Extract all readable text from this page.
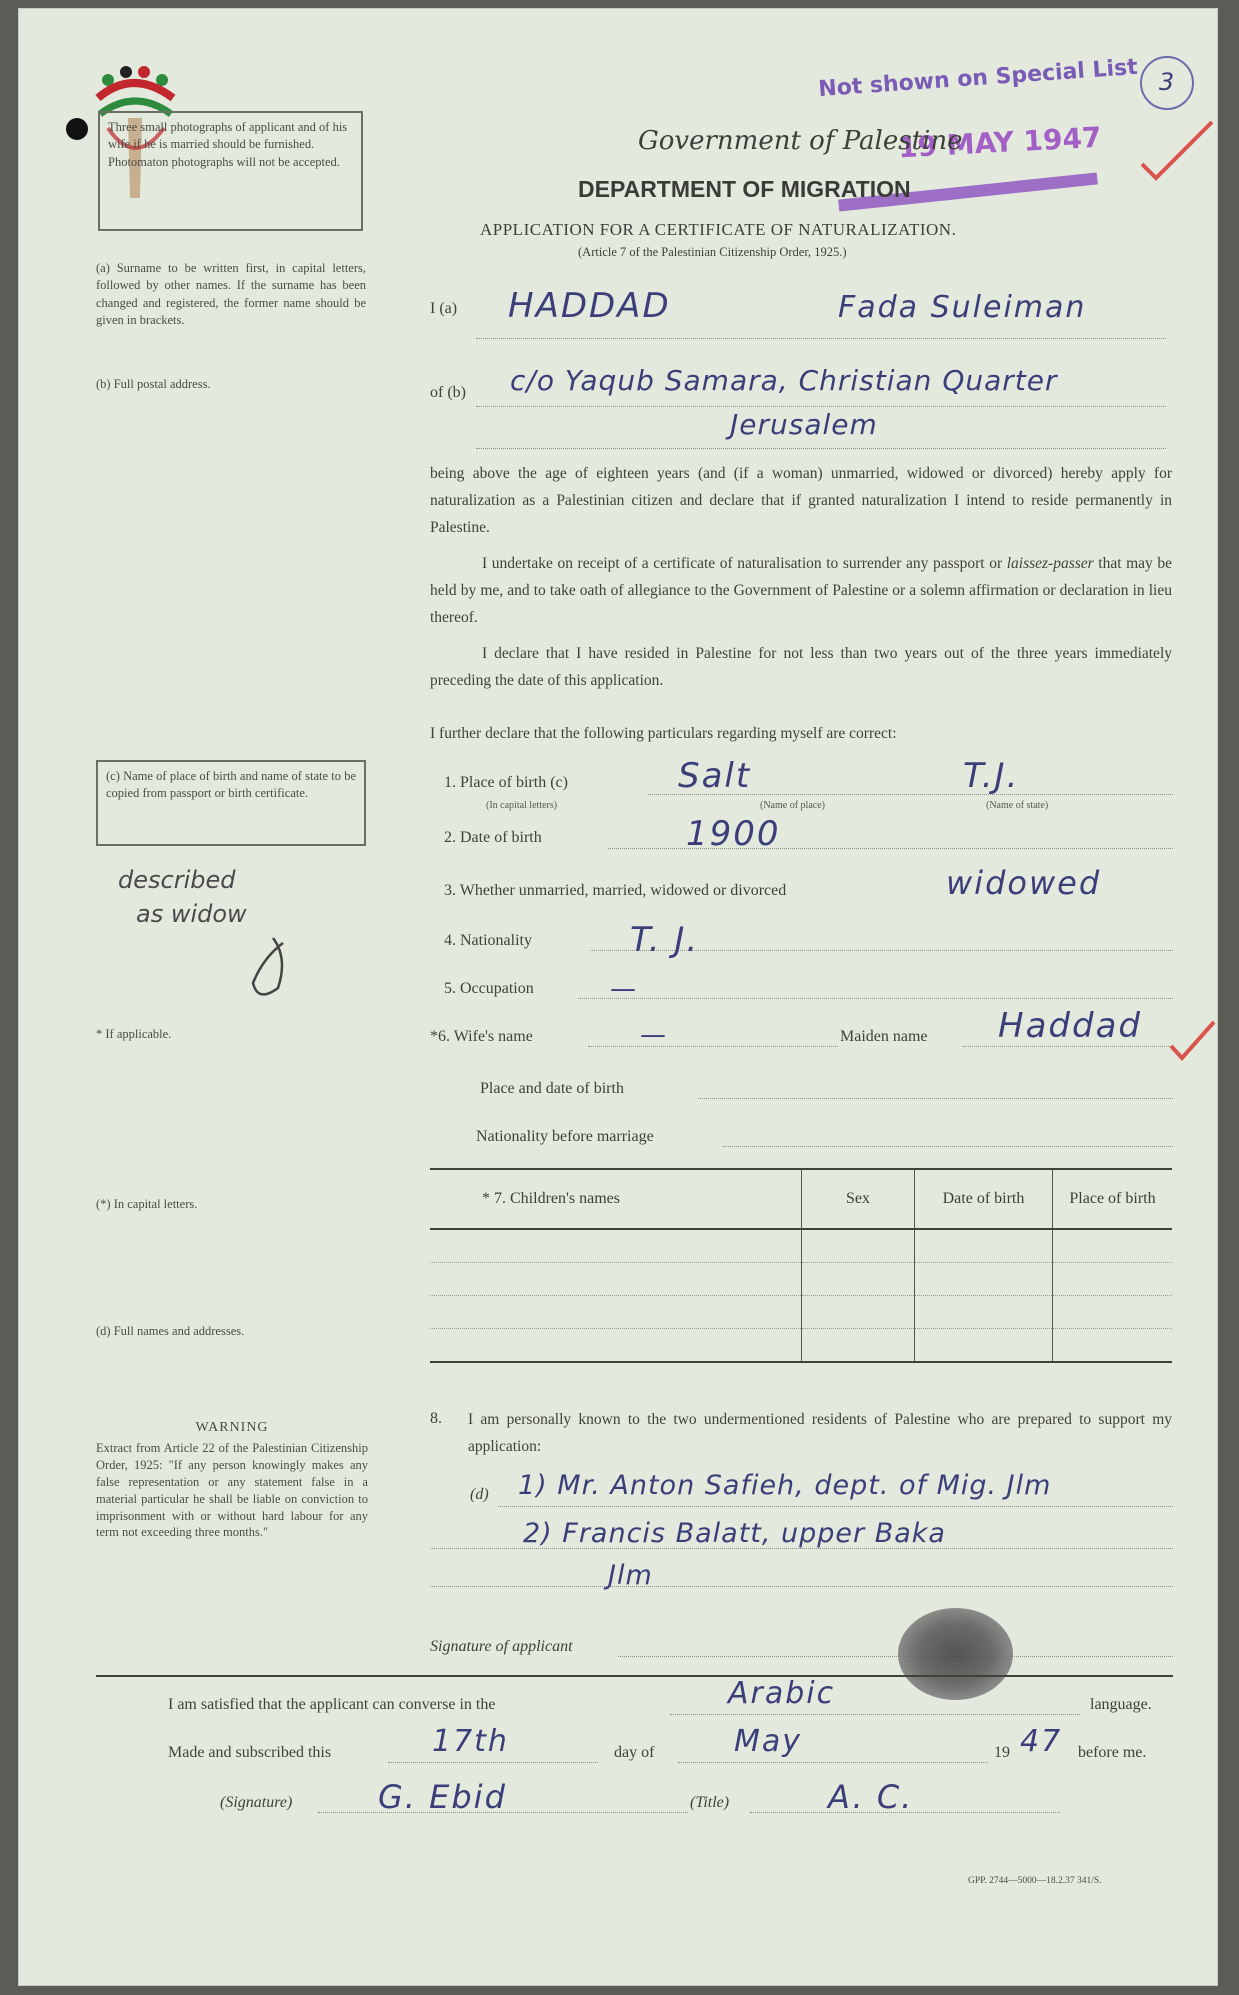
3
Not shown on Special List
19 MAY 1947
Government of Palestine
DEPARTMENT OF MIGRATION
APPLICATION FOR A CERTIFICATE OF NATURALIZATION.
(Article 7 of the Palestinian Citizenship Order, 1925.)
Three small photographs of applicant and of his wife if he is married should be furnished. Photomaton photographs will not be accepted.
(a) Surname to be written first, in capital letters, followed by other names. If the surname has been changed and registered, the former name should be given in brackets.
(b) Full postal address.
(c) Name of place of birth and name of state to be copied from passport or birth certificate.
described
as widow
* If applicable.
(*) In capital letters.
(d) Full names and addresses.
WARNING
Extract from Article 22 of the Palestinian Citizenship Order, 1925: "If any person knowingly makes any false representation or any statement false in a material particular he shall be liable on conviction to imprisonment with or without hard labour for any term not exceeding three months."
I (a) HADDAD	Fada Suleiman
of (b) c/o Yaqub Samara, Christian Quarter
Jerusalem
being above the age of eighteen years (and (if a woman) unmarried, widowed or divorced) hereby apply for naturalization as a Palestinian citizen and declare that if granted naturalization I intend to reside permanently in Palestine.
I undertake on receipt of a certificate of naturalisation to surrender any passport or laissez-passer that may be held by me, and to take oath of allegiance to the Government of Palestine or a solemn affirmation or declaration in lieu thereof.
I declare that I have resided in Palestine for not less than two years out of the three years immediately preceding the date of this application.
I further declare that the following particulars regarding myself are correct:
1. Place of birth (c)	Salt	T.J.
(In capital letters)	(Name of place)	(Name of state)
2. Date of birth	1900
3. Whether unmarried, married, widowed or divorced	widowed
4. Nationality	T. J.
5. Occupation	—
*6. Wife's name	—	Maiden name Haddad
Place and date of birth
Nationality before marriage
* 7. Children's names	Sex	Date of birth	Place of birth

8. I am personally known to the two undermentioned residents of Palestine who are prepared to support my application:
(d) 1) Mr. Anton Safieh, dept. of Mig. Jlm
2) Francis Balatt, upper Baka
Jlm
Signature of applicant
I am satisfied that the applicant can converse in the	Arabic	language.
Made and subscribed this	17th	day of	May	19 47 before me.
(Signature)	G. Ebid	(Title)	A. C.
GPP. 2744—5000—18.2.37 341/S.
